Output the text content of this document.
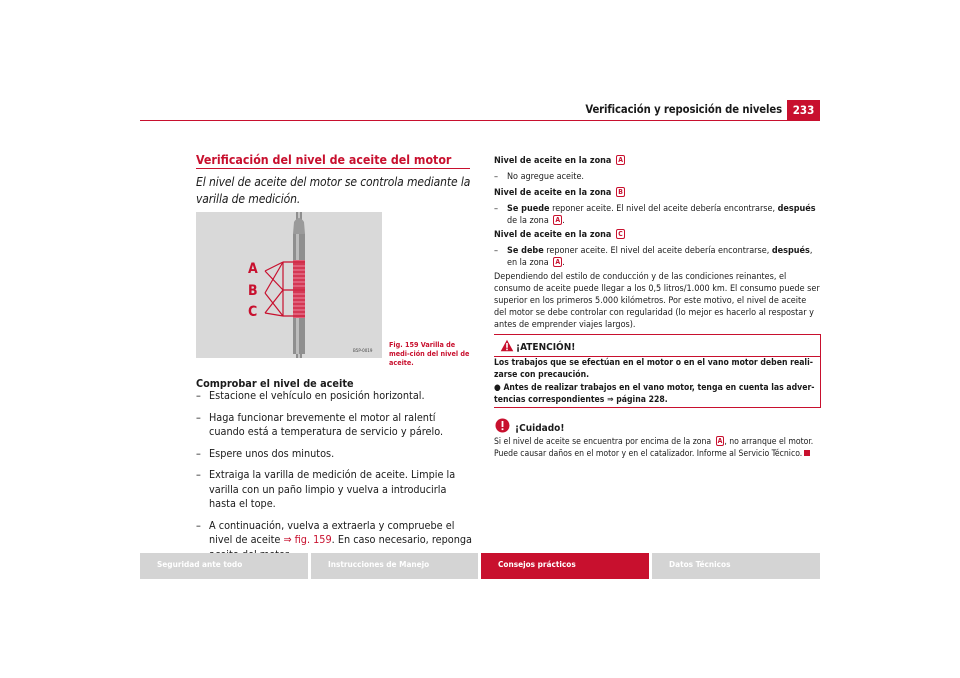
Verificación y reposición de niveles 233
Verificación del nivel de aceite del motor
El nivel de aceite del motor se controla mediante la varilla de medición.
A
B
C
B5P-0019
Fig. 159 Varilla de medi-ción del nivel de aceite.
Comprobar el nivel de aceite
– Estacione el vehículo en posición horizontal.
– Haga funcionar brevemente el motor al ralentí cuando está a temperatura de servicio y párelo.
– Espere unos dos minutos.
– Extraiga la varilla de medición de aceite. Limpie la varilla con un paño limpio y vuelva a introducirla hasta el tope.
– A continuación, vuelva a extraerla y compruebe el nivel de aceite ⇒ fig. 159. En caso necesario, reponga
Nivel de aceite en la zona A
– No agregue aceite.
Nivel de aceite en la zona B
– Se puede reponer aceite. El nivel del aceite debería encontrarse, después de la zona A .
Nivel de aceite en la zona C
– Se debe reponer aceite. El nivel del aceite debería encontrarse, después, en la zona A .
Dependiendo del estilo de conducción y de las condiciones reinantes, el consumo de aceite puede llegar a los 0,5 litros/1.000 km. El consumo puede ser superior en los primeros 5.000 kilómetros. Por este motivo, el nivel de aceite del motor se debe controlar con regularidad (lo mejor es hacerlo al respostar y antes de emprender viajes largos).
¡ATENCIÓN!
Los trabajos que se efectúan en el motor o en el vano motor deben reali-zarse con precaución.
● Antes de realizar trabajos en el vano motor, tenga en cuenta las adver-tencias correspondientes ⇒ página 228.
¡Cuidado!
Si el nivel de aceite se encuentra por encima de la zona A , no arranque el motor. Puede causar daños en el motor y en el catalizador. Informe al Servicio Técnico.
Seguridad ante todo	Instrucciones de Manejo	Consejos prácticos	Datos Técnicos
